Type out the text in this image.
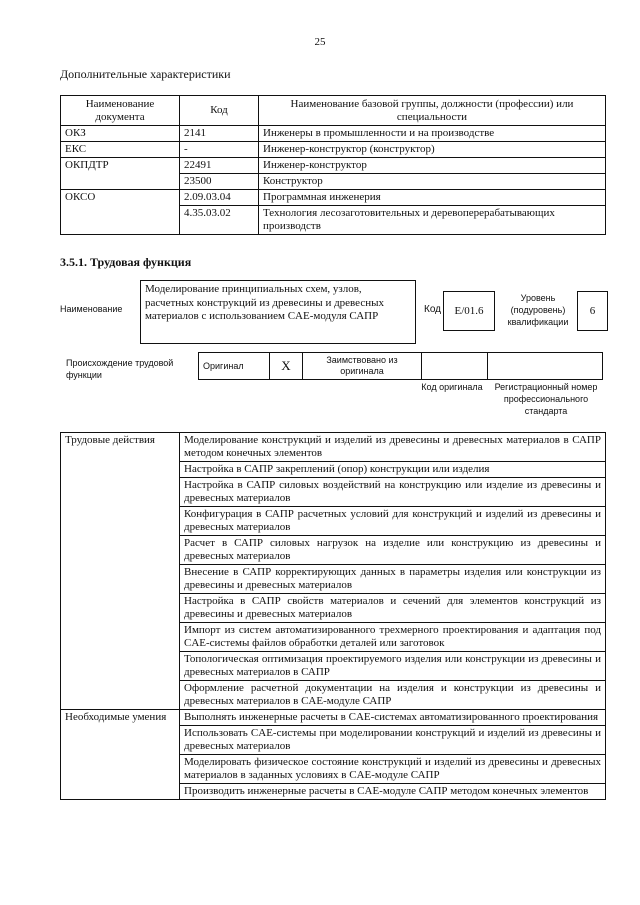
25
Дополнительные характеристики
Наименование документа	Код	Наименование базовой группы, должности (профессии) или специальности
ОКЗ	2141	Инженеры в промышленности и на производстве
ЕКС	-	Инженер-конструктор (конструктор)
ОКПДТР	22491	Инженер-конструктор
	23500	Конструктор
ОКСО	2.09.03.04	Программная инженерия
	4.35.03.02	Технология лесозаготовительных и деревоперерабатывающих производств
3.5.1. Трудовая функция
Наименование
Моделирование принципиальных схем, узлов, расчетных конструкций из древесины и древесных материалов с использованием CAE-модуля САПР
Код	E/01.6
Уровень (подуровень) квалификации
6
Происхождение трудовой функции
Оригинал	X	Заимствовано из оригинала		
Код оригинала	Регистрационный номер профессионального стандарта
Трудовые действия	Моделирование конструкций и изделий из древесины и древесных материалов в САПР методом конечных элементов
	Настройка в САПР закреплений (опор) конструкции или изделия
	Настройка в САПР силовых воздействий на конструкцию или изделие из древесины и древесных материалов
	Конфигурация в САПР расчетных условий для конструкций и изделий из древесины и древесных материалов
	Расчет в САПР силовых нагрузок на изделие или конструкцию из древесины и древесных материалов
	Внесение в САПР корректирующих данных в параметры изделия или конструкции из древесины и древесных материалов
	Настройка в САПР свойств материалов и сечений для элементов конструкций из древесины и древесных материалов
	Импорт из систем автоматизированного трехмерного проектирования и адаптация под CAE-системы файлов обработки деталей или заготовок
	Топологическая оптимизация проектируемого изделия или конструкции из древесины и древесных материалов в САПР
	Оформление расчетной документации на изделия и конструкции из древесины и древесных материалов в CAE-модуле САПР
Необходимые умения	Выполнять инженерные расчеты в CAE-системах автоматизированного проектирования
	Использовать CAE-системы при моделировании конструкций и изделий из древесины и древесных материалов
	Моделировать физическое состояние конструкций и изделий из древесины и древесных материалов в заданных условиях в CAE-модуле САПР
	Производить инженерные расчеты в CAE-модуле САПР методом конечных элементов
